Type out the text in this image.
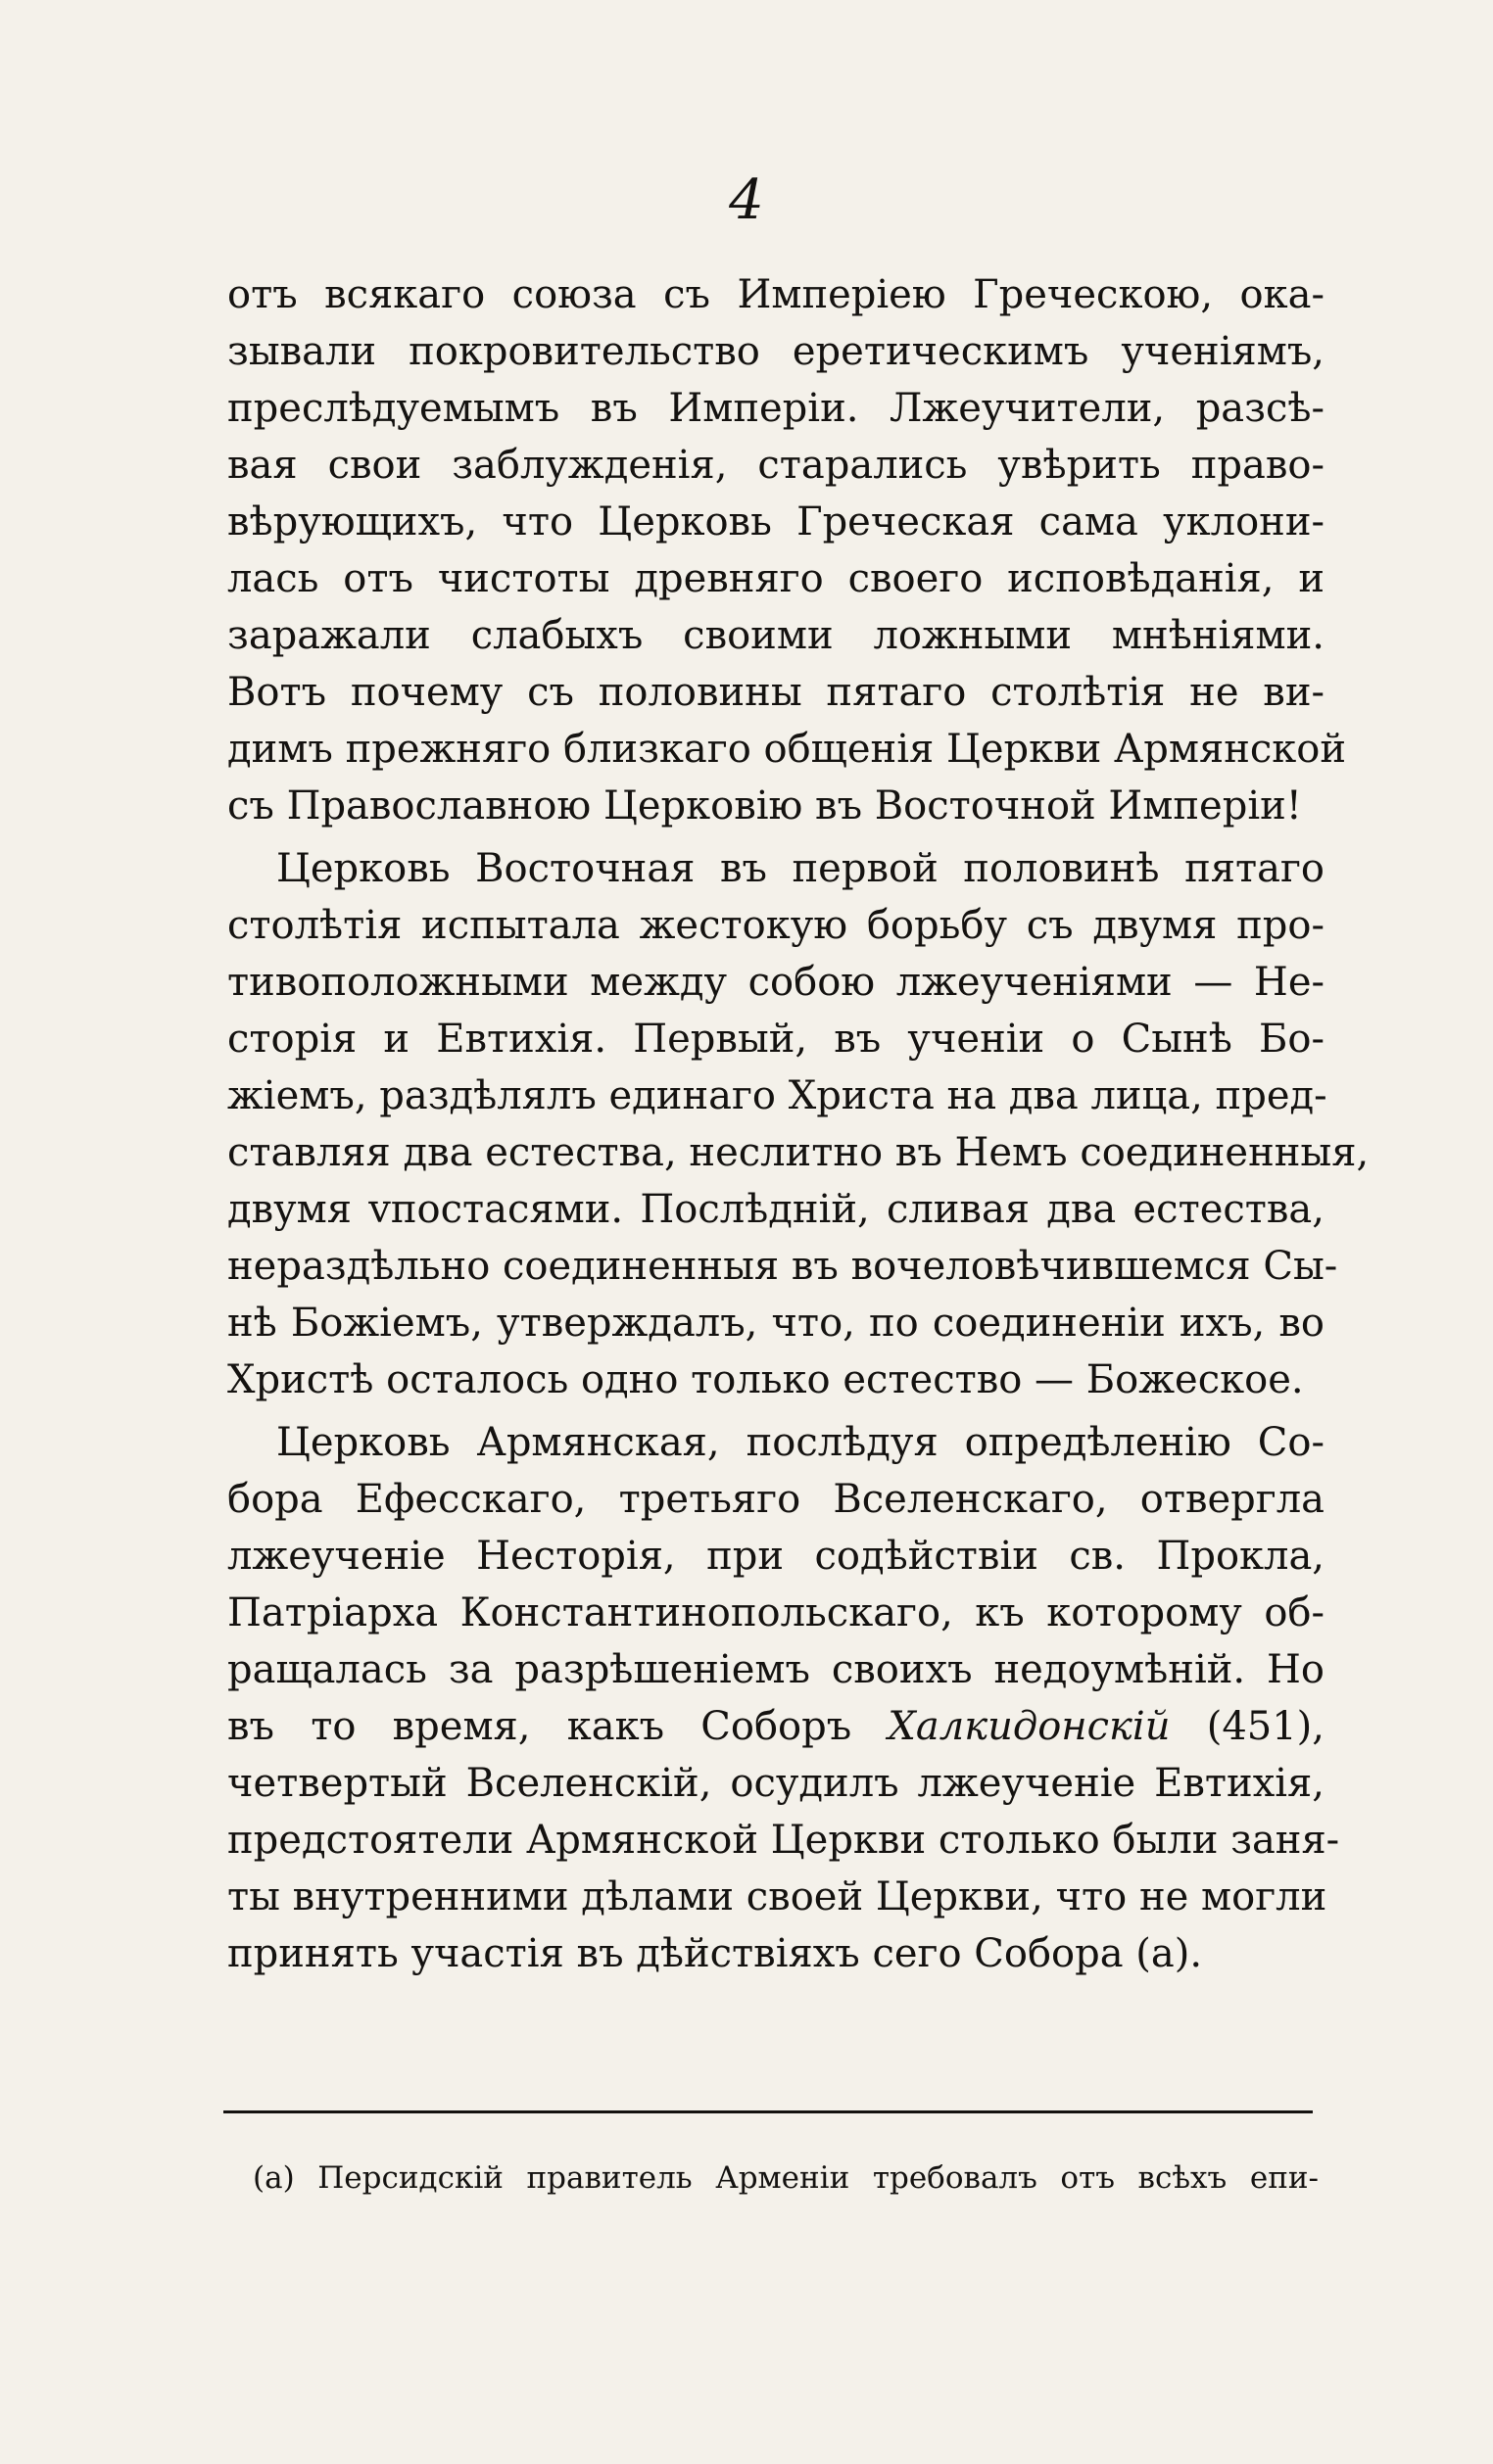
4
отъ всякаго союза съ Имперiею Греческою, ока-
зывали покровительство еретическимъ ученiямъ,
преслѣдуемымъ въ Имперiи. Лжеучители, разсѣ-
вая свои заблужденiя, старались увѣрить право-
вѣрующихъ, что Церковь Греческая сама уклони-
лась отъ чистоты древняго своего исповѣданiя, и
заражали слабыхъ своими ложными мнѣнiями.
Вотъ почему съ половины пятаго столѣтiя не ви-
димъ прежняго близкаго общенiя Церкви Армянской
съ Православною Церковiю въ Восточной Имперiи!
Церковь Восточная въ первой половинѣ пятаго
столѣтiя испытала жестокую борьбу съ двумя про-
тивоположными между собою лжеученiями — Не-
сторiя и Евтихiя. Первый, въ ученiи о Сынѣ Бо-
жiемъ, раздѣлялъ единаго Христа на два лица, пред-
ставляя два естества, неслитно въ Немъ соединенныя,
двумя vпостасями. Послѣднiй, сливая два естества,
нераздѣльно соединенныя въ вочеловѣчившемся Сы-
нѣ Божiемъ, утверждалъ, что, по соединенiи ихъ, во
Христѣ осталось одно только естество — Божеское.
Церковь Армянская, послѣдуя опредѣленiю Со-
бора Ефесскаго, третьяго Вселенскаго, отвергла
лжеученiе Несторiя, при содѣйствiи св. Прокла,
Патрiарха Константинопольскаго, къ которому об-
ращалась за разрѣшенiемъ своихъ недоумѣнiй. Но
въ то время, какъ Соборъ Халкидонскiй (451),
четвертый Вселенскiй, осудилъ лжеученiе Евтихiя,
предстоятели Армянской Церкви столько были заня-
ты внутренними дѣлами своей Церкви, что не могли
принять участiя въ дѣйствiяхъ сего Собора (а).
(а) Персидскiй правитель Арменiи требовалъ отъ всѣхъ епи-
